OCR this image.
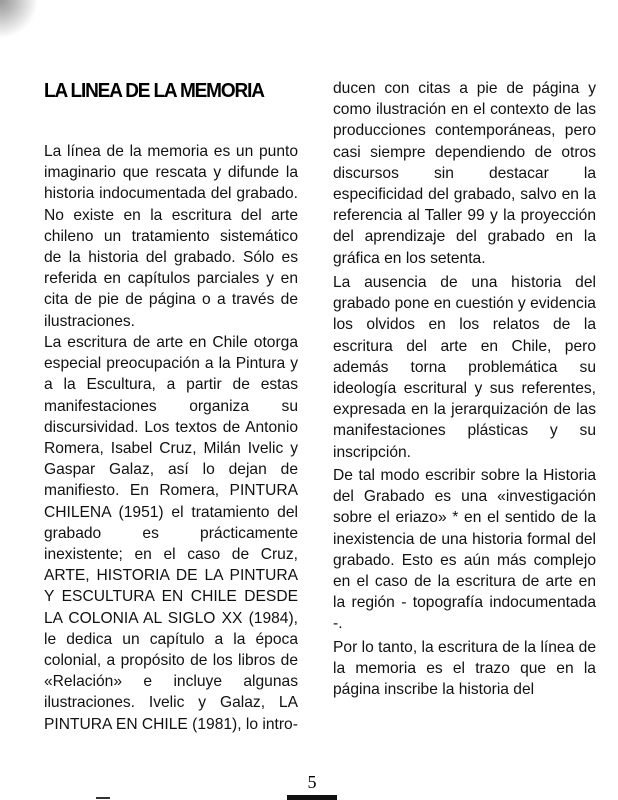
LA LINEA DE LA MEMORIA

La línea de la memoria es un punto imaginario que rescata y difunde la historia indocumentada del grabado. No existe en la escritura del arte chileno un tratamiento sistemático de la historia del grabado. Sólo es referida en capítulos parciales y en cita de pie de página o a través de ilustraciones.

La escritura de arte en Chile otorga especial preocupación a la Pintura y a la Escultura, a partir de estas manifestaciones organiza su discursividad. Los textos de Antonio Romera, Isabel Cruz, Milán Ivelic y Gaspar Galaz, así lo dejan de manifiesto. En Romera, PINTURA CHILENA (1951) el tratamiento del grabado es prácticamente inexistente; en el caso de Cruz, ARTE, HISTORIA DE LA PINTURA Y ESCULTURA EN CHILE DESDE LA COLONIA AL SIGLO XX (1984), le dedica un capítulo a la época colonial, a propósito de los libros de «Relación» e incluye algunas ilustraciones. Ivelic y Galaz, LA PINTURA EN CHILE (1981), lo intro-

ducen con citas a pie de página y como ilustración en el contexto de las producciones contemporáneas, pero casi siempre dependiendo de otros discursos sin destacar la especificidad del grabado, salvo en la referencia al Taller 99 y la proyección del aprendizaje del grabado en la gráfica en los setenta.

La ausencia de una historia del grabado pone en cuestión y evidencia los olvidos en los relatos de la escritura del arte en Chile, pero además torna problemática su ideología escritural y sus referentes, expresada en la jerarquización de las manifestaciones plásticas y su inscripción.

De tal modo escribir sobre la Historia del Grabado es una «investigación sobre el eriazo» * en el sentido de la inexistencia de una historia formal del grabado. Esto es aún más complejo en el caso de la escritura de arte en la región - topografía indocumentada -.

Por lo tanto, la escritura de la línea de la memoria es el trazo que en la página inscribe la historia del

5
